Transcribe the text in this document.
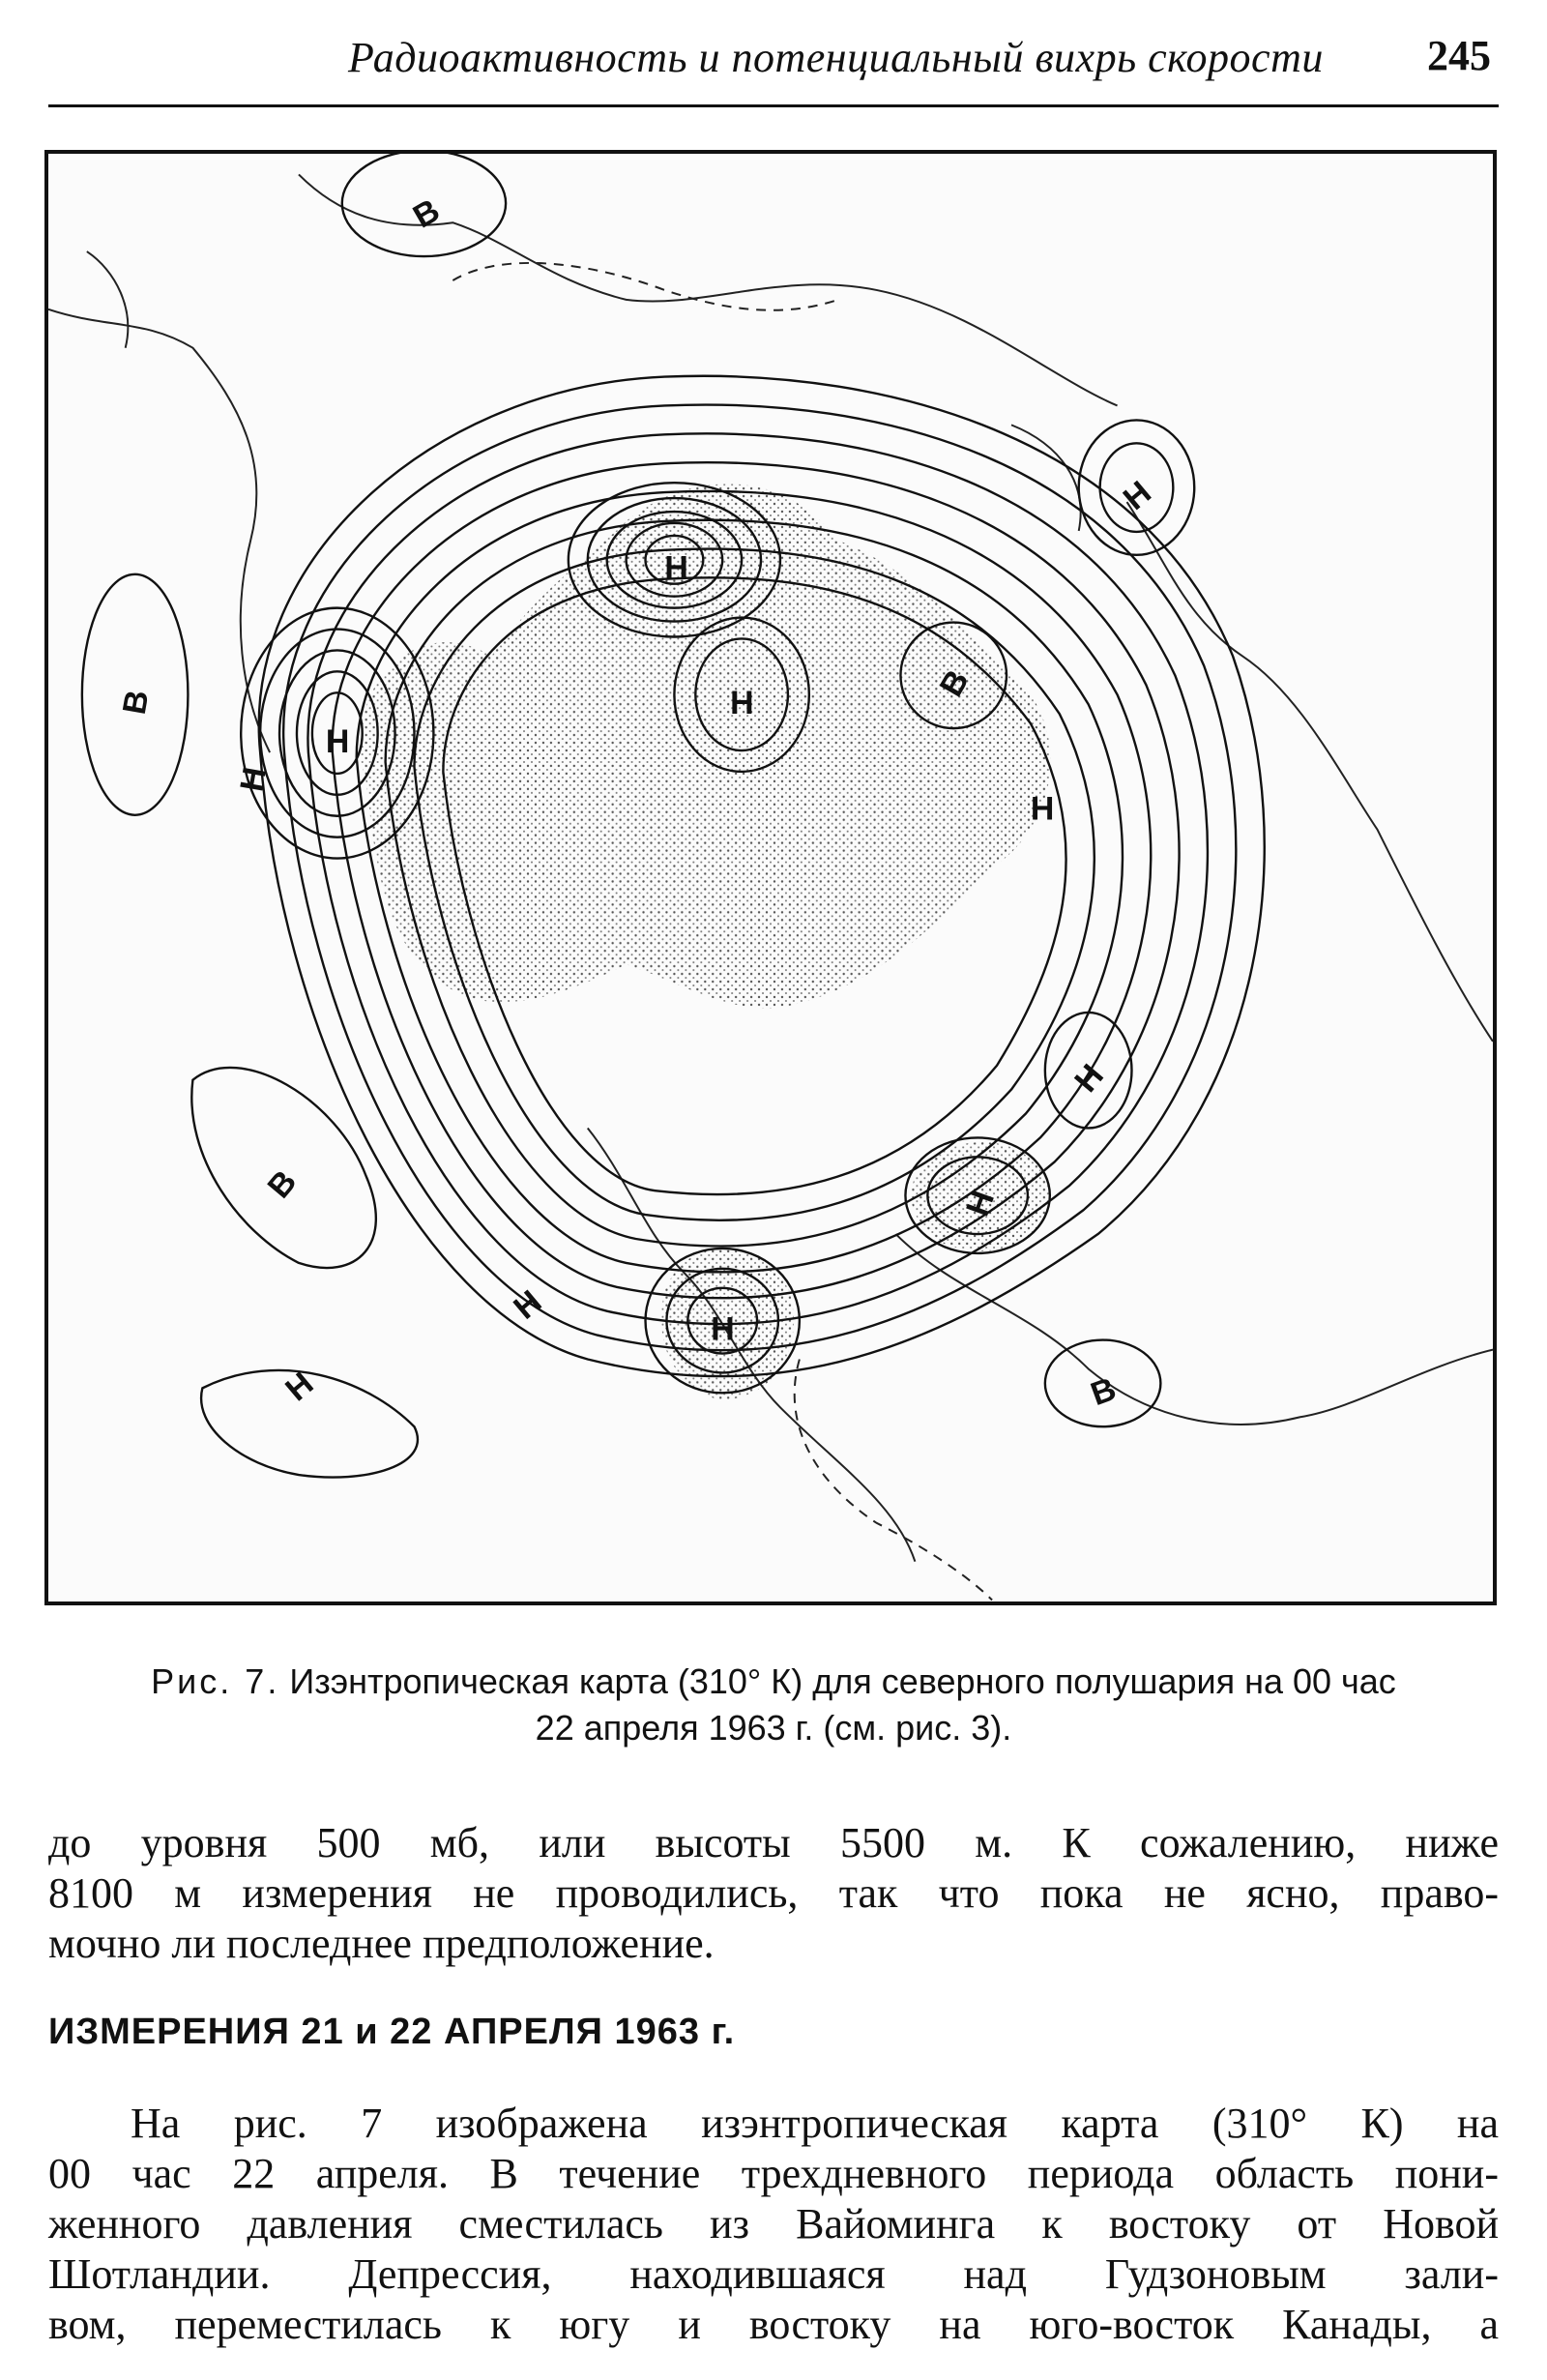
Радиоактивность и потенциальный вихрь скорости 245
В
В
В
В
В
Н
Н
Н
Н
Н
Н
Н
Н
Н
Н
Н
Рис. 7. Изэнтропическая карта (310° К) для северного полушария на 00 час
22 апреля 1963 г. (см. рис. 3).
до уровня 500 мб, или высоты 5500 м. К сожалению, ниже
8100 м измерения не проводились, так что пока не ясно, право-
мочно ли последнее предположение.
ИЗМЕРЕНИЯ 21 и 22 АПРЕЛЯ 1963 г.
На рис. 7 изображена изэнтропическая карта (310° К) на
00 час 22 апреля. В течение трехдневного периода область пони-
женного давления сместилась из Вайоминга к востоку от Новой
Шотландии. Депрессия, находившаяся над Гудзоновым зали-
вом, переместилась к югу и востоку на юго-восток Канады, а
